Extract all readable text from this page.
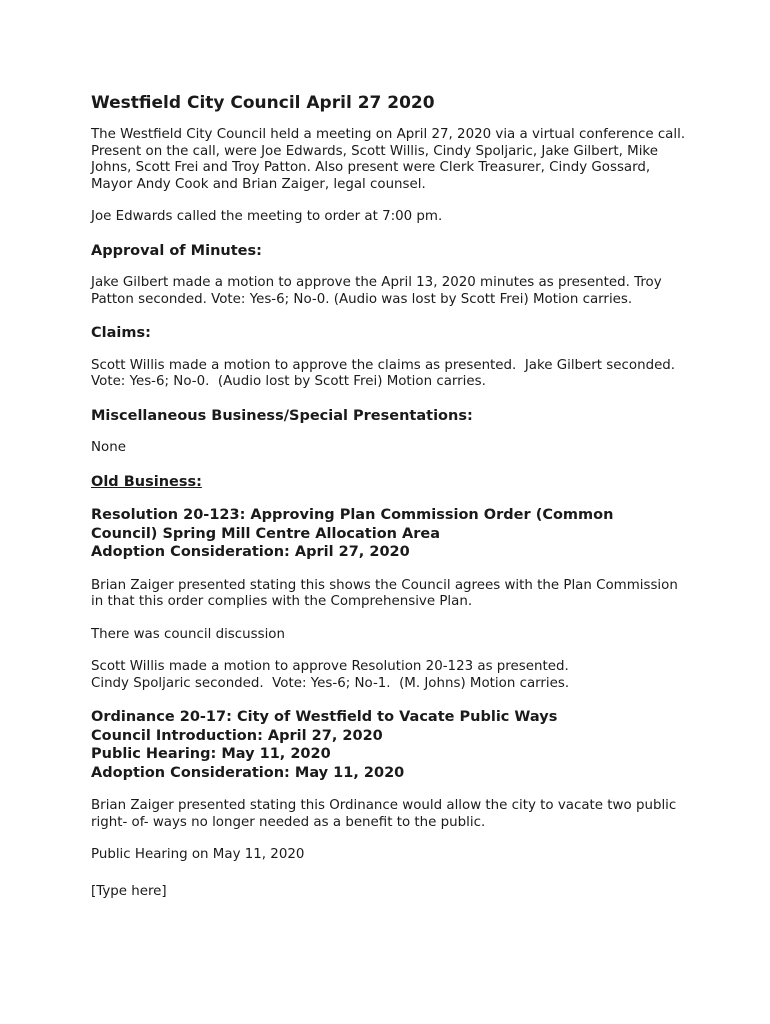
Westfield City Council April 27 2020

The Westfield City Council held a meeting on April 27, 2020 via a virtual conference call. Present on the call, were Joe Edwards, Scott Willis, Cindy Spoljaric, Jake Gilbert, Mike Johns, Scott Frei and Troy Patton. Also present were Clerk Treasurer, Cindy Gossard, Mayor Andy Cook and Brian Zaiger, legal counsel.

Joe Edwards called the meeting to order at 7:00 pm.

Approval of Minutes:

Jake Gilbert made a motion to approve the April 13, 2020 minutes as presented. Troy Patton seconded. Vote: Yes-6; No-0. (Audio was lost by Scott Frei) Motion carries.

Claims:

Scott Willis made a motion to approve the claims as presented.  Jake Gilbert seconded.
Vote: Yes-6; No-0.  (Audio lost by Scott Frei) Motion carries.

Miscellaneous Business/Special Presentations:

None

Old Business:
Resolution 20-123: Approving Plan Commission Order (Common
Council) Spring Mill Centre Allocation Area
Adoption Consideration: April 27, 2020

Brian Zaiger presented stating this shows the Council agrees with the Plan Commission in that this order complies with the Comprehensive Plan.

There was council discussion

Scott Willis made a motion to approve Resolution 20-123 as presented.
Cindy Spoljaric seconded.  Vote: Yes-6; No-1.  (M. Johns) Motion carries.

Ordinance 20-17: City of Westfield to Vacate Public Ways
Council Introduction: April 27, 2020
Public Hearing: May 11, 2020
Adoption Consideration: May 11, 2020

Brian Zaiger presented stating this Ordinance would allow the city to vacate two public right- of- ways no longer needed as a benefit to the public.

Public Hearing on May 11, 2020

[Type here]
